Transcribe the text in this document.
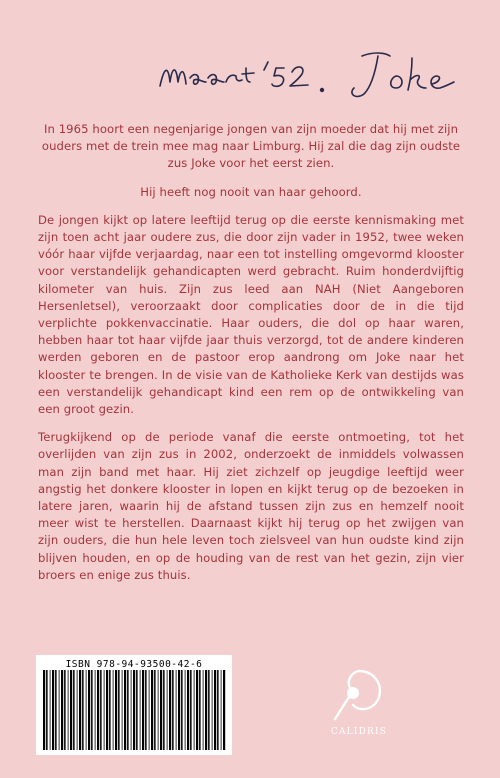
In 1965 hoort een negenjarige jongen van zijn moeder dat hij met zijn ouders met de trein mee mag naar Limburg. Hij zal die dag zijn oudste zus Joke voor het eerst zien.

Hij heeft nog nooit van haar gehoord.

De jongen kijkt op latere leeftijd terug op die eerste kennismaking met zijn toen acht jaar oudere zus, die door zijn vader in 1952, twee weken vóór haar vijfde verjaardag, naar een tot instelling omgevormd klooster voor verstandelijk gehandicapten werd gebracht. Ruim honderdvijftig kilometer van huis. Zijn zus leed aan NAH (Niet Aangeboren Hersenletsel), veroorzaakt door complicaties door de in die tijd verplichte pokkenvaccinatie. Haar ouders, die dol op haar waren, hebben haar tot haar vijfde jaar thuis verzorgd, tot de andere kinderen werden geboren en de pastoor erop aandrong om Joke naar het klooster te brengen. In de visie van de Katholieke Kerk van destijds was een verstandelijk gehandicapt kind een rem op de ontwikkeling van een groot gezin.

Terugkijkend op de periode vanaf die eerste ontmoeting, tot het overlijden van zijn zus in 2002, onderzoekt de inmiddels volwassen man zijn band met haar. Hij ziet zichzelf op jeugdige leeftijd weer angstig het donkere klooster in lopen en kijkt terug op de bezoeken in latere jaren, waarin hij de afstand tussen zijn zus en hemzelf nooit meer wist te herstellen. Daarnaast kijkt hij terug op het zwijgen van zijn ouders, die hun hele leven toch zielsveel van hun oudste kind zijn blijven houden, en op de houding van de rest van het gezin, zijn vier broers en enige zus thuis.

ISBN 978-94-93500-42-6
CALIDRIS
